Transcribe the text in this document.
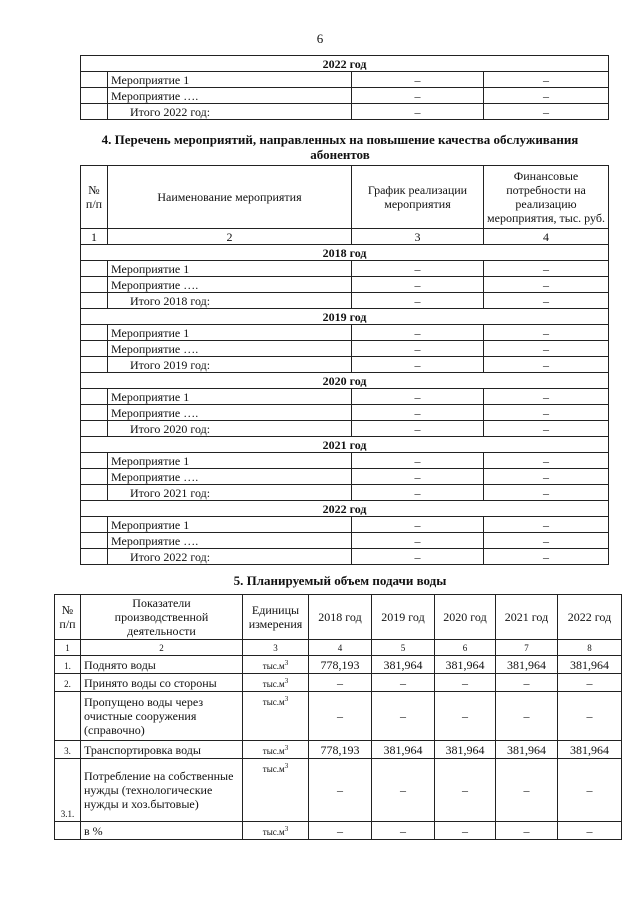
6
2022 год			
	Мероприятие 1	–	–
	Мероприятие ….	–	–
	Итого 2022 год:	–	–
4. Перечень мероприятий, направленных на повышение качества обслуживания
абонентов
№ п/п	Наименование мероприятия	График реализации мероприятия	Финансовые потребности на реализацию мероприятия, тыс. руб.
1	2	3	4
2018 год			
	Мероприятие 1	–	–
	Мероприятие ….	–	–
	Итого 2018 год:	–	–
2019 год			
	Мероприятие 1	–	–
	Мероприятие ….	–	–
	Итого 2019 год:	–	–
2020 год			
	Мероприятие 1	–	–
	Мероприятие ….	–	–
	Итого 2020 год:	–	–
2021 год			
	Мероприятие 1	–	–
	Мероприятие ….	–	–
	Итого 2021 год:	–	–
2022 год			
	Мероприятие 1	–	–
	Мероприятие ….	–	–
	Итого 2022 год:	–	–
5. Планируемый объем подачи воды
№ п/п	Показатели производственной деятельности	Единицы измерения	2018 год	2019 год	2020 год	2021 год	2022 год
1	2	3	4	5	6	7	8
1.	Поднято воды	$тыс.м^3$	778,193	381,964	381,964	381,964	381,964
2.	Принято воды со стороны	$тыс.м^3$	–	–	–	–	–
	Пропущено воды через очистные сооружения (справочно)	$тыс.м^3$	–	–	–	–	–
3.	Транспортировка воды	$тыс.м^3$	778,193	381,964	381,964	381,964	381,964
3.1.	Потребление на собственные нужды (технологические нужды и хоз.бытовые)	$тыс.м^3$	–	–	–	–	–
	в %	$тыс.м^3$	–	–	–	–	–
